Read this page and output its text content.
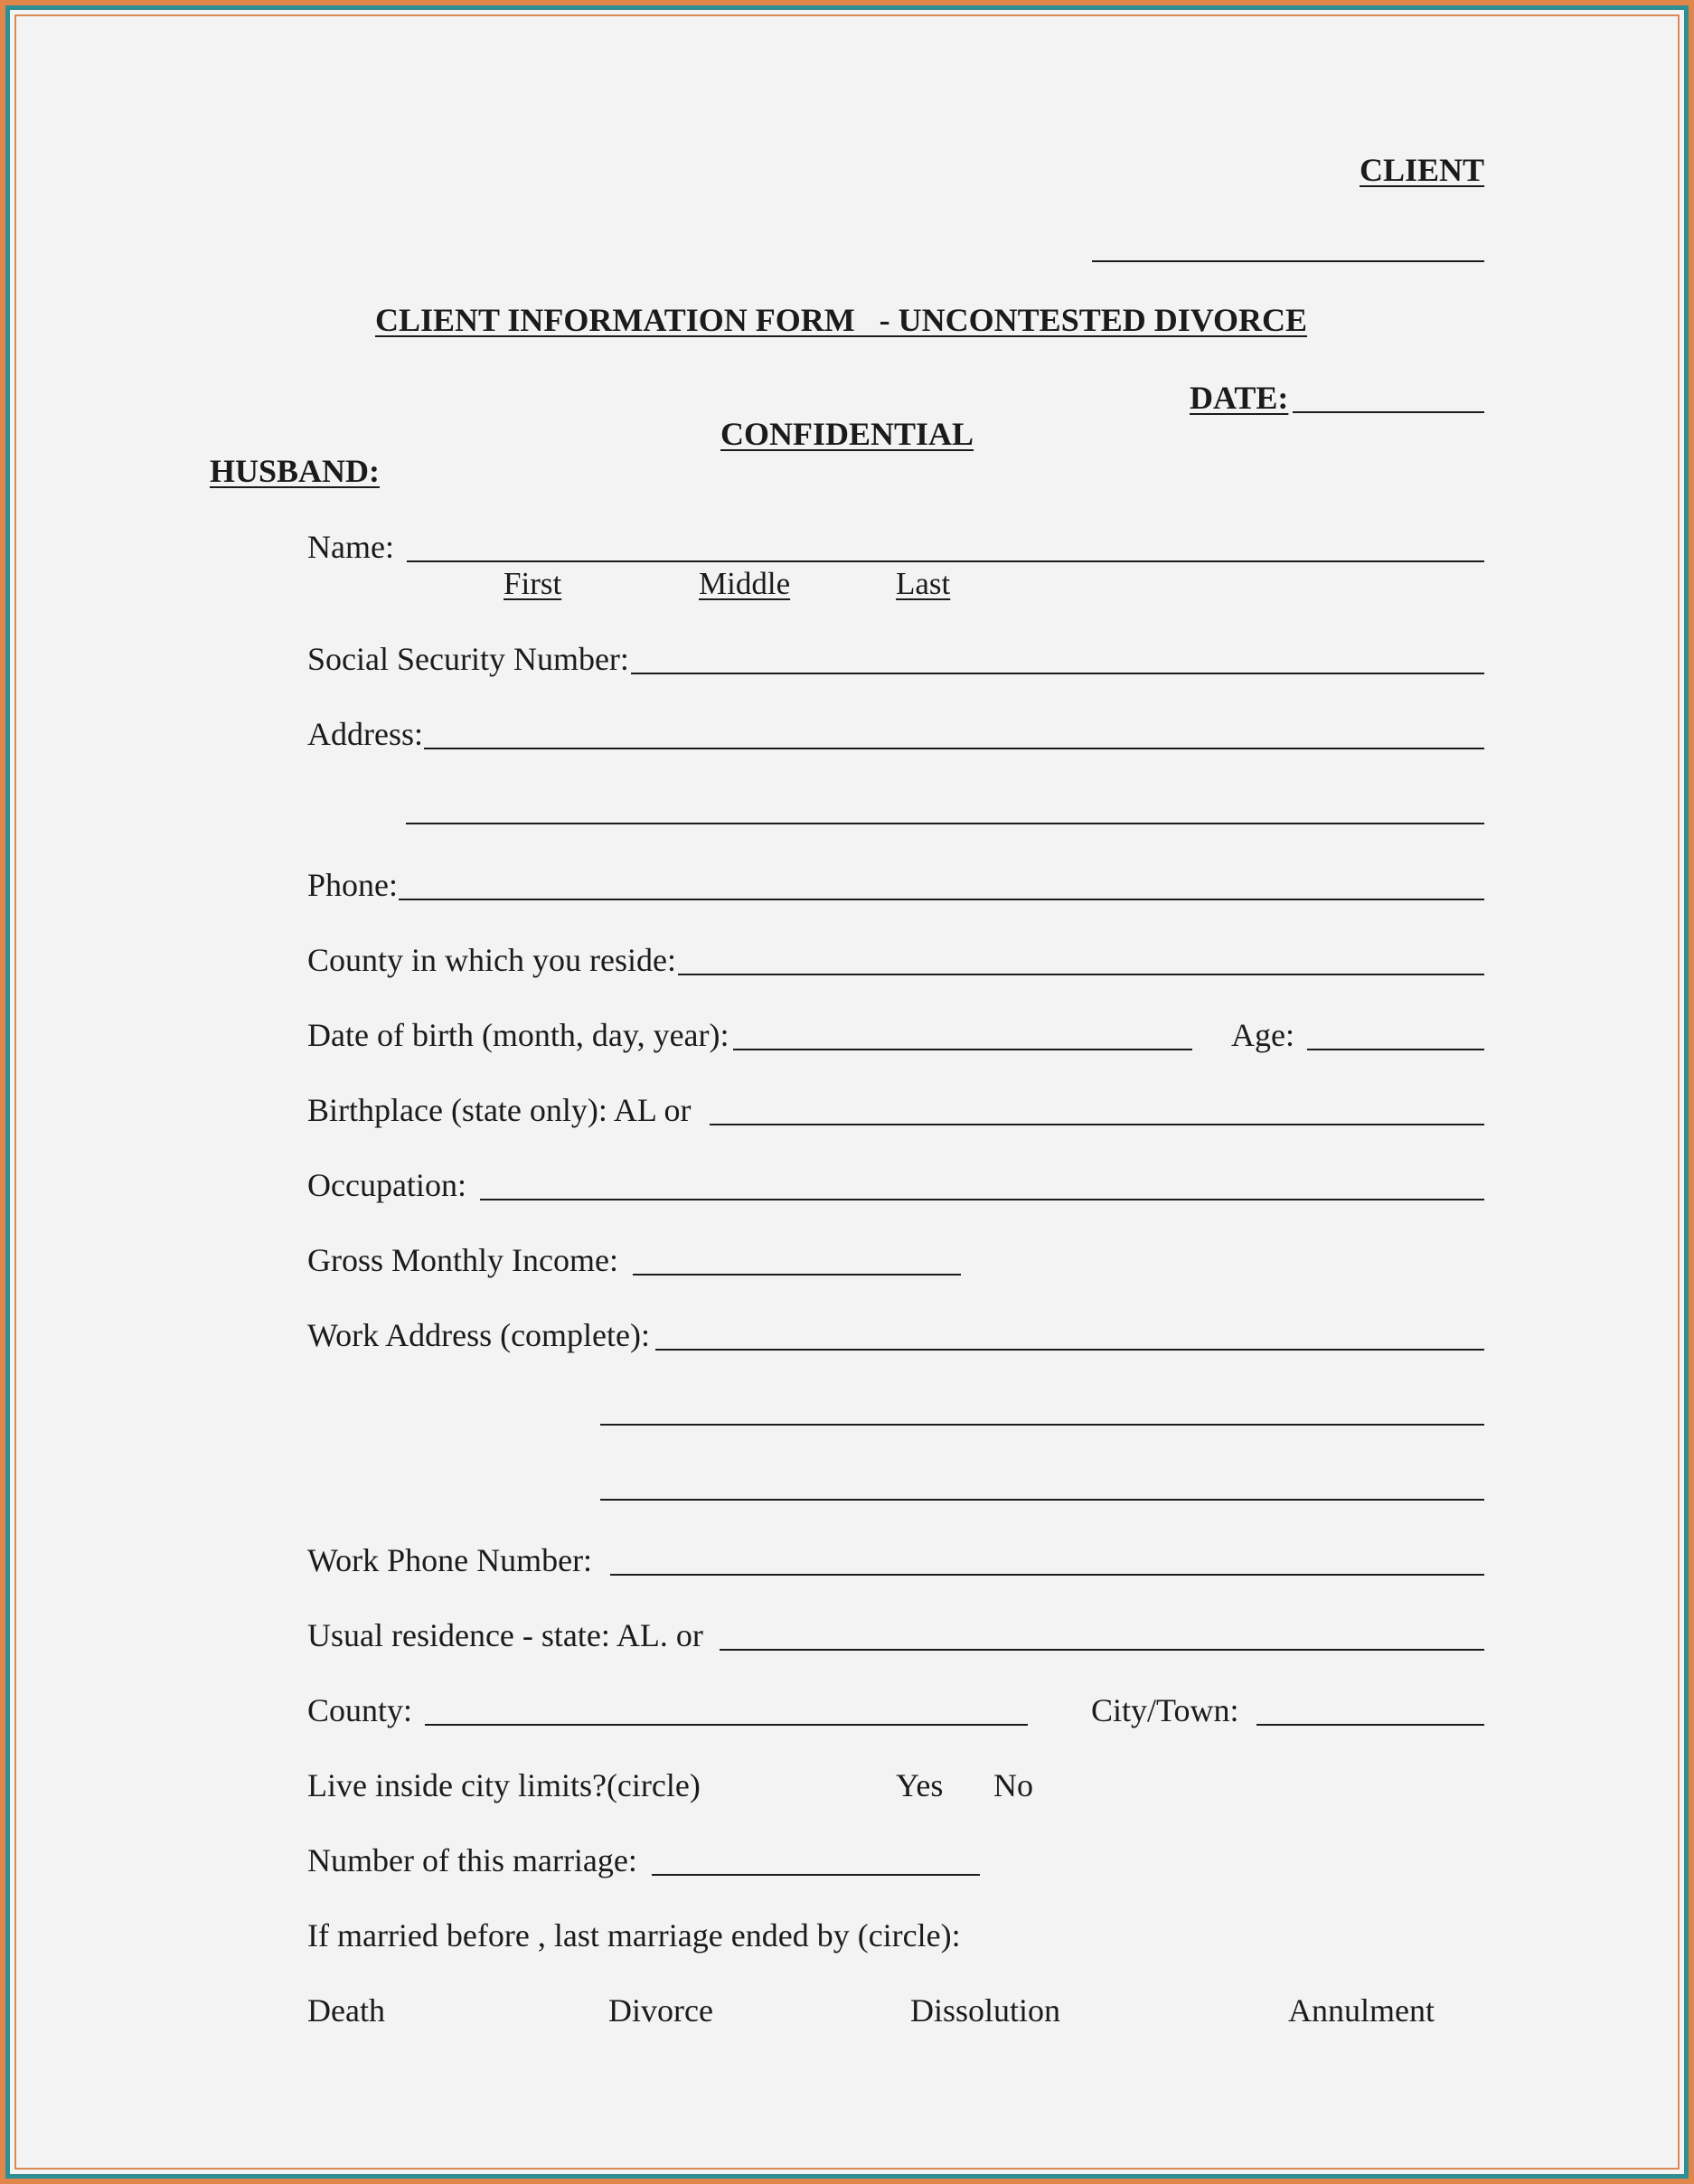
CLIENT
CLIENT INFORMATION FORM   - UNCONTESTED DIVORCE
DATE:
CONFIDENTIAL
HUSBAND:
Name:
First	Middle	Last
Social Security Number:
Address:
Phone:
County in which you reside:
Date of birth (month, day, year):	Age:
Birthplace (state only): AL or
Occupation:
Gross Monthly Income:
Work Address (complete):
Work Phone Number:
Usual residence - state: AL. or
County:	City/Town:
Live inside city limits?(circle)	Yes No
Number of this marriage:
If married before , last marriage ended by (circle):
Death	Divorce	Dissolution	Annulment
